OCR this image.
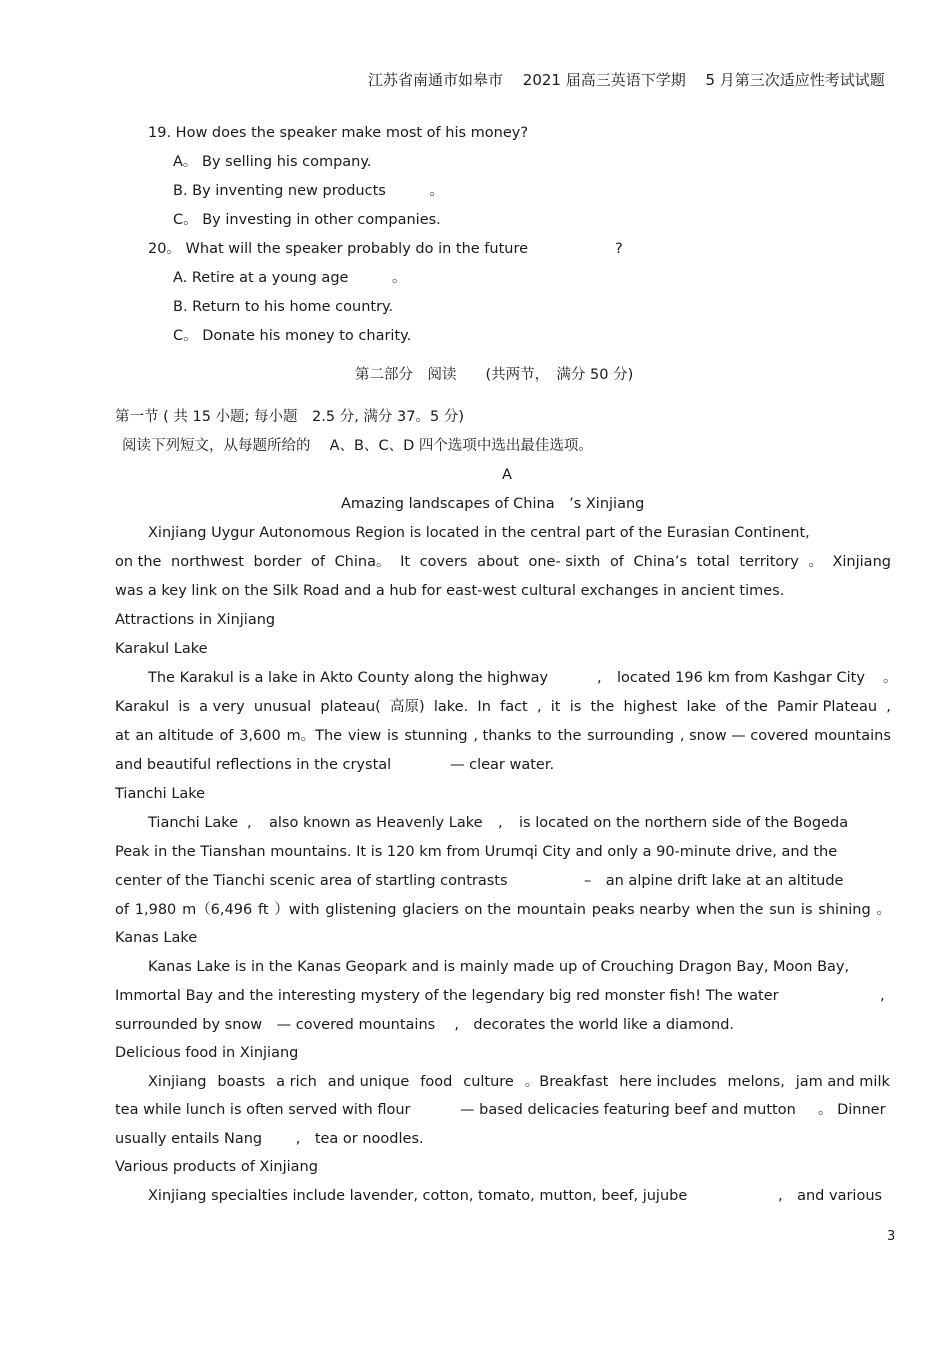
江苏省南通市如皋市　 2021 届高三英语下学期　 5 月第三次适应性考试试题
19. How does the speaker make most of his money?
A。 By selling his company.
B. By inventing new products　　　。
C。 By investing in other companies.
20。 What will the speaker probably do in the future　　　　　　?
A. Retire at a young age　　　。
B. Return to his home country.
C。 Donate his money to charity.
第二部分　阅读　　(共两节，　满分 50 分)
第一节 ( 共 15 小题; 每小题　2.5 分, 满分 37。5 分)
阅读下列短文，从每题所给的　 A、B、C、D 四个选项中选出最佳选项。
A
Amazing landscapes of China　’s Xinjiang
Xinjiang Uygur Autonomous Region is located in the central part of the Eurasian Continent,
on the northwest border of China。 It covers about one- sixth of China’s total territory 。 Xinjiang
was a key link on the Silk Road and a hub for east-west cultural exchanges in ancient times.
Attractions in Xinjiang
Karakul Lake
The Karakul is a lake in Akto County along the highway	, located 196 km from Kashgar City 。
Karakul is a very unusual plateau( 高原) lake. In fact , it is the highest lake of the Pamir Plateau ,
at an altitude of 3,600 m。The view is stunning , thanks to the surrounding , snow — covered mountains
and beautiful reflections in the crystal	— clear water.
Tianchi Lake
Tianchi Lake , also known as Heavenly Lake , is located on the northern side of the Bogeda
Peak in the Tianshan mountains. It is 120 km from Urumqi City and only a 90-minute drive, and the
center of the Tianchi scenic area of startling contrasts	–　an alpine drift lake at an altitude
of 1,980 m（6,496 ft ）with glistening glaciers on the mountain peaks nearby when the sun is shining 。
Kanas Lake
Kanas Lake is in the Kanas Geopark and is mainly made up of Crouching Dragon Bay, Moon Bay,
Immortal Bay and the interesting mystery of the legendary big red monster fish! The water	,
surrounded by snow　— covered mountains　 ,　decorates the world like a diamond.
Delicious food in Xinjiang
Xinjiang boasts a rich and unique food culture 。Breakfast here includes melons, jam and milk
tea while lunch is often served with flour	— based delicacies featuring beef and mutton 。 Dinner
usually entails Nang　　 ,　tea or noodles.
Various products of Xinjiang
Xinjiang specialties include lavender, cotton, tomato, mutton, beef, jujube	,　and various
3
